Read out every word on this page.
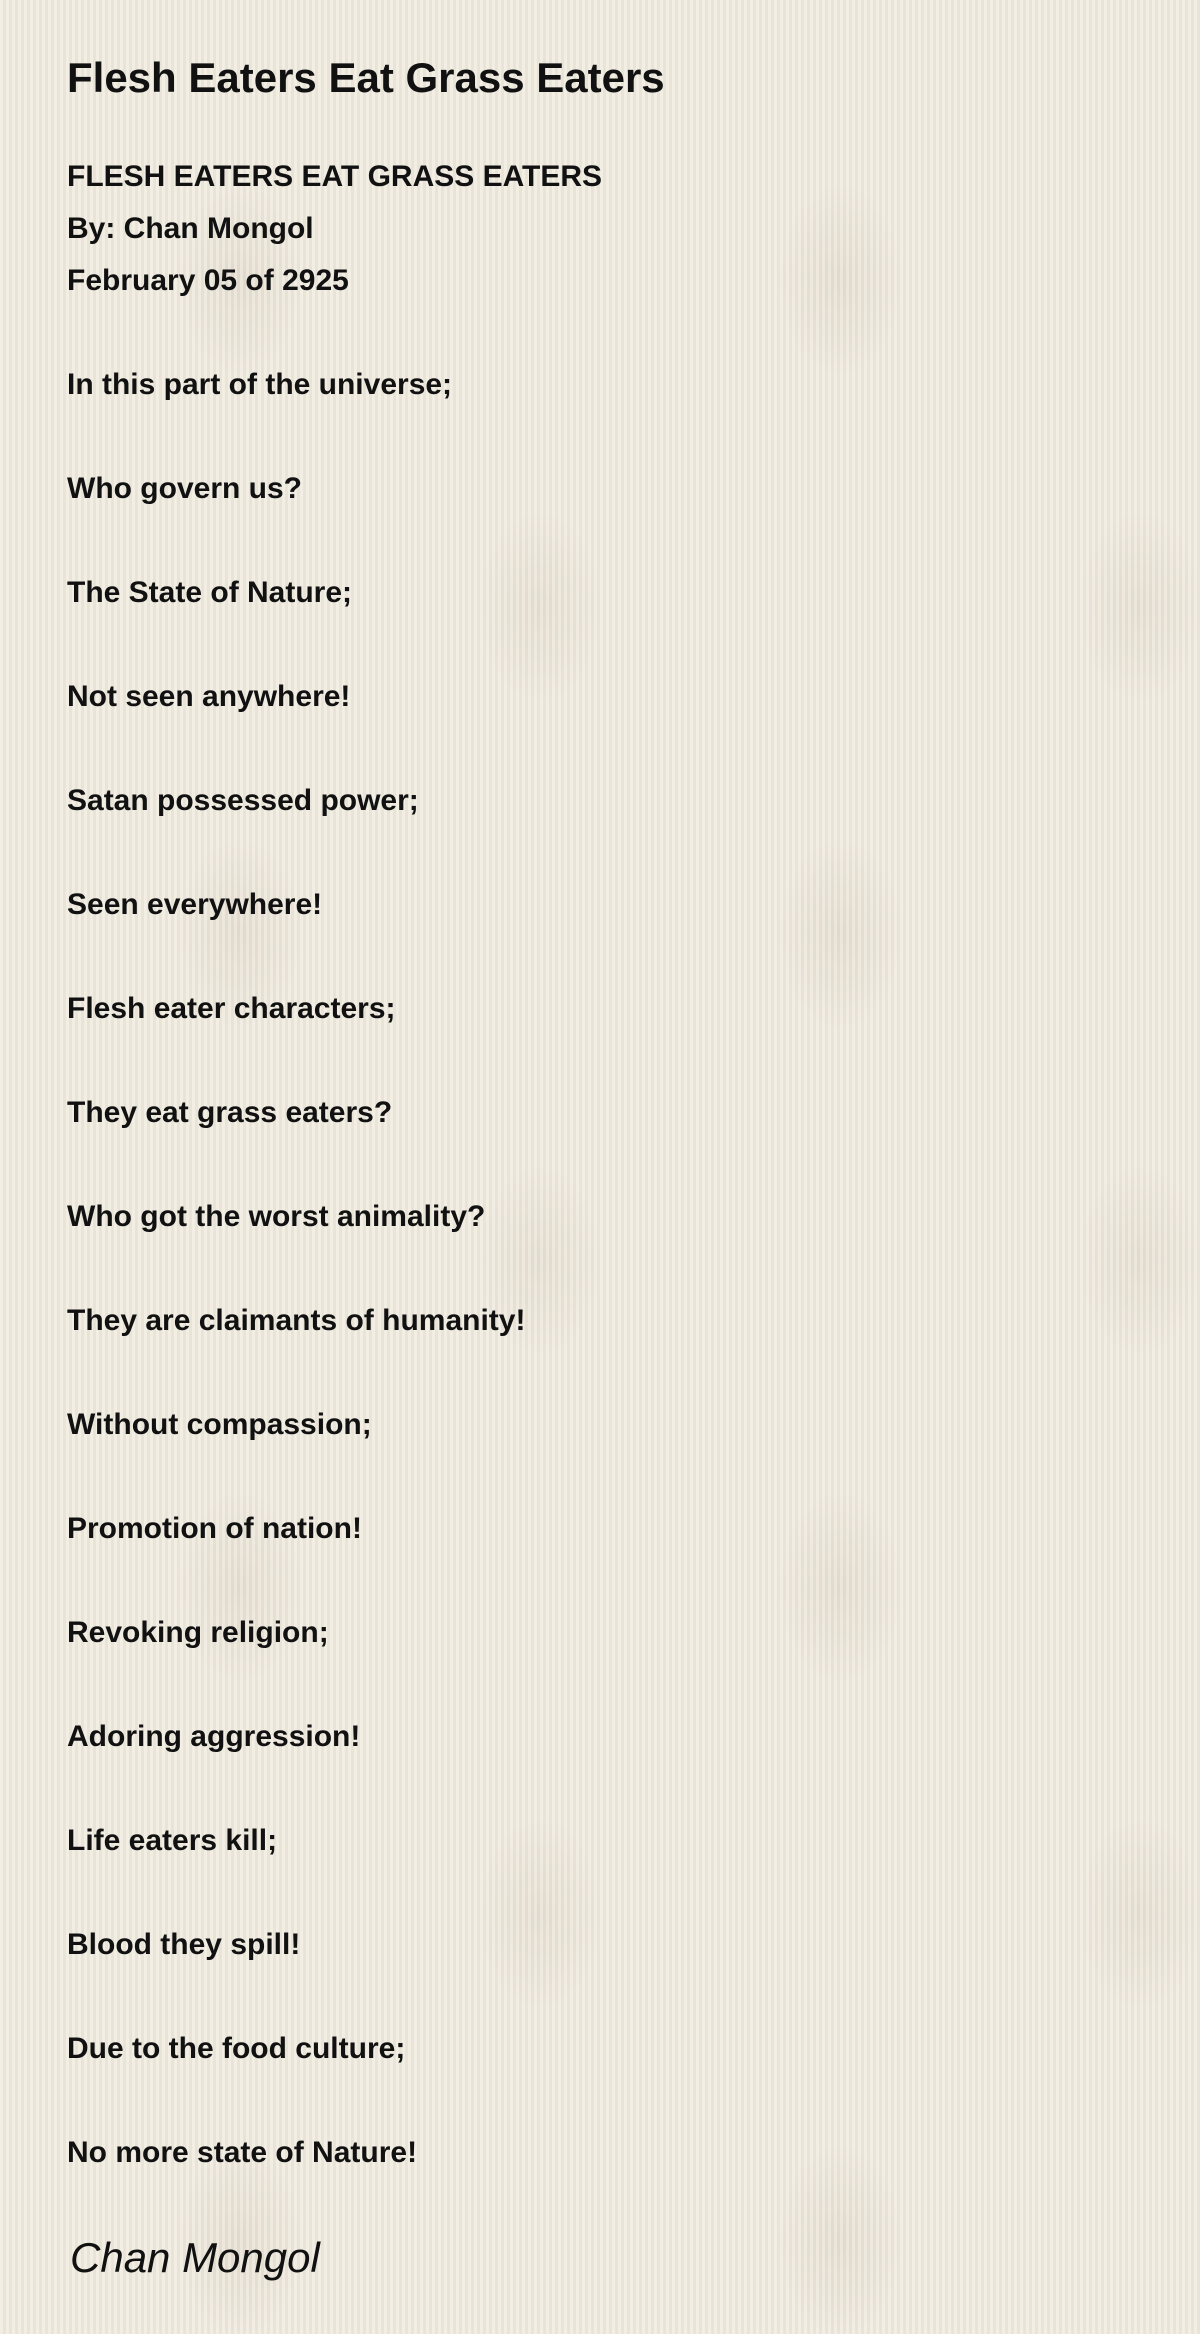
Flesh Eaters Eat Grass Eaters
FLESH EATERS EAT GRASS EATERS
By: Chan Mongol
February 05 of 2925
In this part of the universe;
Who govern us?
The State of Nature;
Not seen anywhere!
Satan possessed power;
Seen everywhere!
Flesh eater characters;
They eat grass eaters?
Who got the worst animality?
They are claimants of humanity!
Without compassion;
Promotion of nation!
Revoking religion;
Adoring aggression!
Life eaters kill;
Blood they spill!
Due to the food culture;
No more state of Nature!
Chan Mongol
